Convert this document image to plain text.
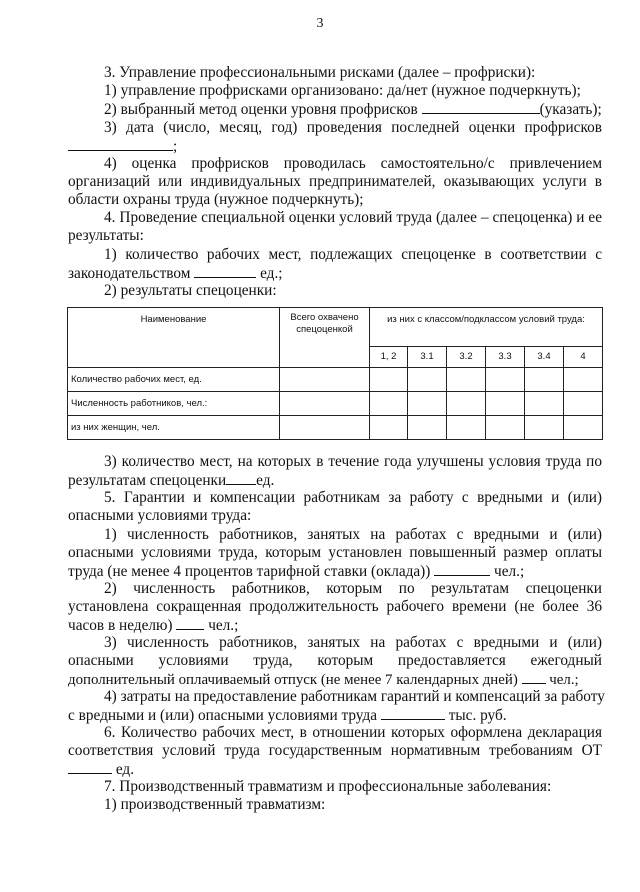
3
3. Управление профессиональными рисками (далее – профриски):
1) управление профрисками организовано: да/нет (нужное подчеркнуть);
2) выбранный метод оценки уровня профрисков	(указать);
3) дата (число, месяц, год) проведения последней оценки профрисков
;
4) оценка профрисков проводилась самостоятельно/с привлечением
организаций или индивидуальных предпринимателей, оказывающих услуги в
области охраны труда (нужное подчеркнуть);
4. Проведение специальной оценки условий труда (далее – спецоценка) и ее
результаты:
1) количество рабочих мест, подлежащих спецоценке в соответствии с
законодательством	ед.;
2) результаты спецоценки:
Наименование	Всего охвачено спецоценкой	из них с классом/подклассом условий труда:					
		1, 2	3.1	3.2	3.3	3.4	4
Количество рабочих мест, ед.							
Численность работников, чел.:							
из них женщин, чел.							
3) количество мест, на которых в течение года улучшены условия труда по
результатам спецоценки ед.
5. Гарантии и компенсации работникам за работу с вредными и (или)
опасными условиями труда:
1) численность работников, занятых на работах с вредными и (или)
опасными условиями труда, которым установлен повышенный размер оплаты
труда (не менее 4 процентов тарифной ставки (оклада))	чел.;
2) численность работников, которым по результатам спецоценки
установлена сокращенная продолжительность рабочего времени (не более 36
часов в неделю) чел.;
3) численность работников, занятых на работах с вредными и (или)
опасными условиями труда, которым предоставляется ежегодный
дополнительный оплачиваемый отпуск (не менее 7 календарных дней) чел.;
4) затраты на предоставление работникам гарантий и компенсаций за работу
с вредными и (или) опасными условиями труда	тыс. руб.
6. Количество рабочих мест, в отношении которых оформлена декларация
соответствия условий труда государственным нормативным требованиям ОТ
ед.
7. Производственный травматизм и профессиональные заболевания:
1) производственный травматизм:
